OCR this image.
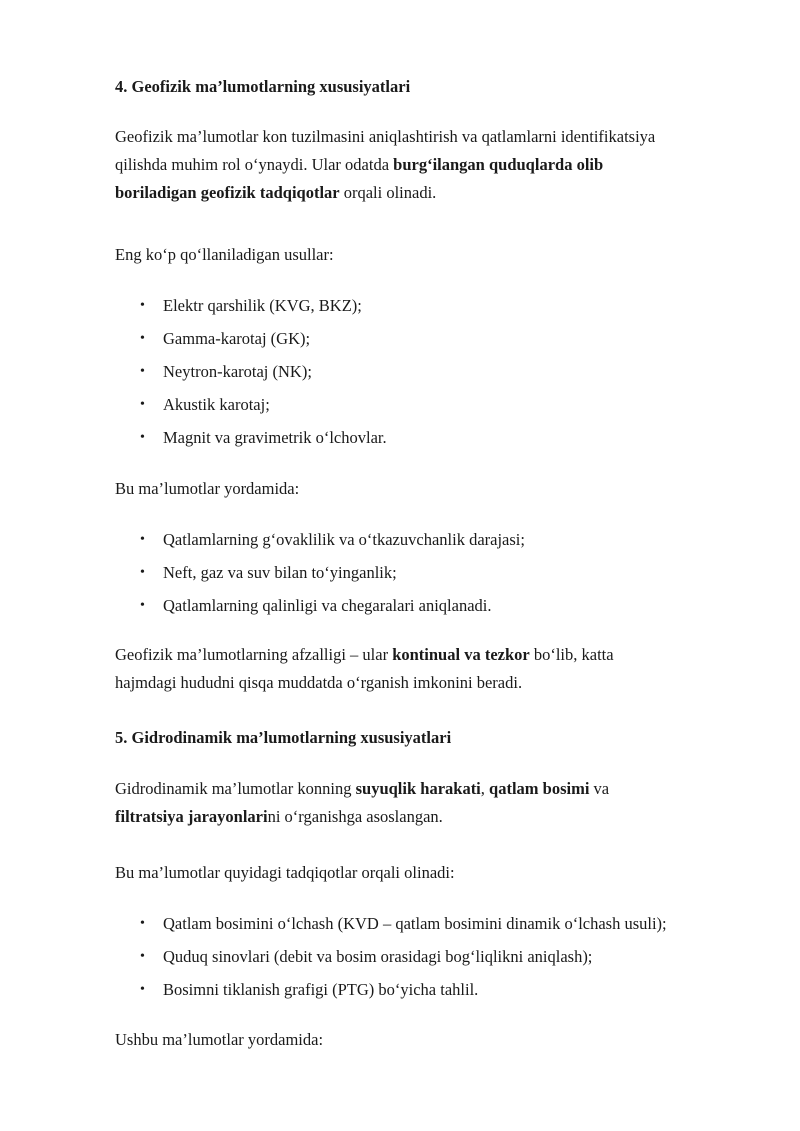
4. Geofizik ma’lumotlarning xususiyatlari

Geofizik ma’lumotlar kon tuzilmasini aniqlashtirish va qatlamlarni identifikatsiya
qilishda muhim rol o‘ynaydi. Ular odatda burg‘ilangan quduqlarda olib
boriladigan geofizik tadqiqotlar orqali olinadi.

Eng ko‘p qo‘llaniladigan usullar:

• Elektr qarshilik (KVG, BKZ);
• Gamma-karotaj (GK);
• Neytron-karotaj (NK);
• Akustik karotaj;
• Magnit va gravimetrik o‘lchovlar.

Bu ma’lumotlar yordamida:

• Qatlamlarning g‘ovaklilik va o‘tkazuvchanlik darajasi;
• Neft, gaz va suv bilan to‘yinganlik;
• Qatlamlarning qalinligi va chegaralari aniqlanadi.

Geofizik ma’lumotlarning afzalligi – ular kontinual va tezkor bo‘lib, katta
hajmdagi hududni qisqa muddatda o‘rganish imkonini beradi.

5. Gidrodinamik ma’lumotlarning xususiyatlari

Gidrodinamik ma’lumotlar konning suyuqlik harakati, qatlam bosimi va
filtratsiya jarayonlarini o‘rganishga asoslangan.

Bu ma’lumotlar quyidagi tadqiqotlar orqali olinadi:

• Qatlam bosimini o‘lchash (KVD – qatlam bosimini dinamik o‘lchash usuli);
• Quduq sinovlari (debit va bosim orasidagi bog‘liqlikni aniqlash);
• Bosimni tiklanish grafigi (PTG) bo‘yicha tahlil.

Ushbu ma’lumotlar yordamida:
